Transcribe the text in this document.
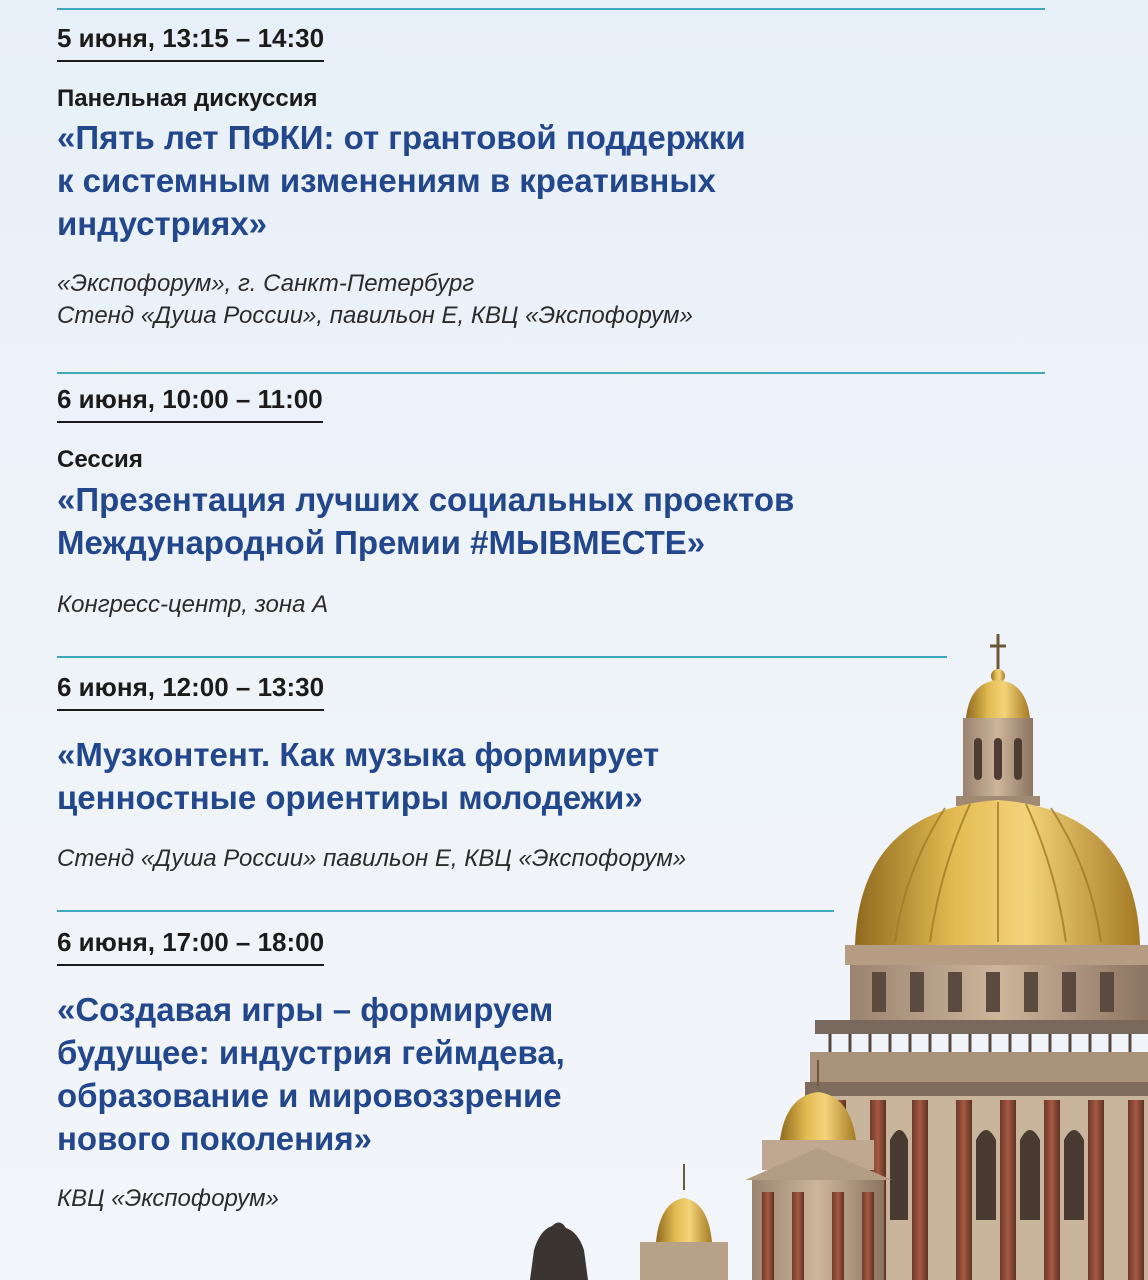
5 июня, 13:15 – 14:30
Панельная дискуссия
«Пять лет ПФКИ: от грантовой поддержки
к системным изменениям в креативных
индустриях»
«Экспофорум», г. Санкт-Петербург
Стенд «Душа России», павильон Е, КВЦ «Экспофорум»
6 июня, 10:00 – 11:00
Сессия
«Презентация лучших социальных проектов
Международной Премии #МЫВМЕСТЕ»
Конгресс-центр, зона А
6 июня, 12:00 – 13:30
«Музконтент. Как музыка формирует
ценностные ориентиры молодежи»
Стенд «Душа России» павильон Е, КВЦ «Экспофорум»
6 июня, 17:00 – 18:00
«Создавая игры – формируем
будущее: индустрия геймдева,
образование и мировоззрение
нового поколения»
КВЦ «Экспофорум»
